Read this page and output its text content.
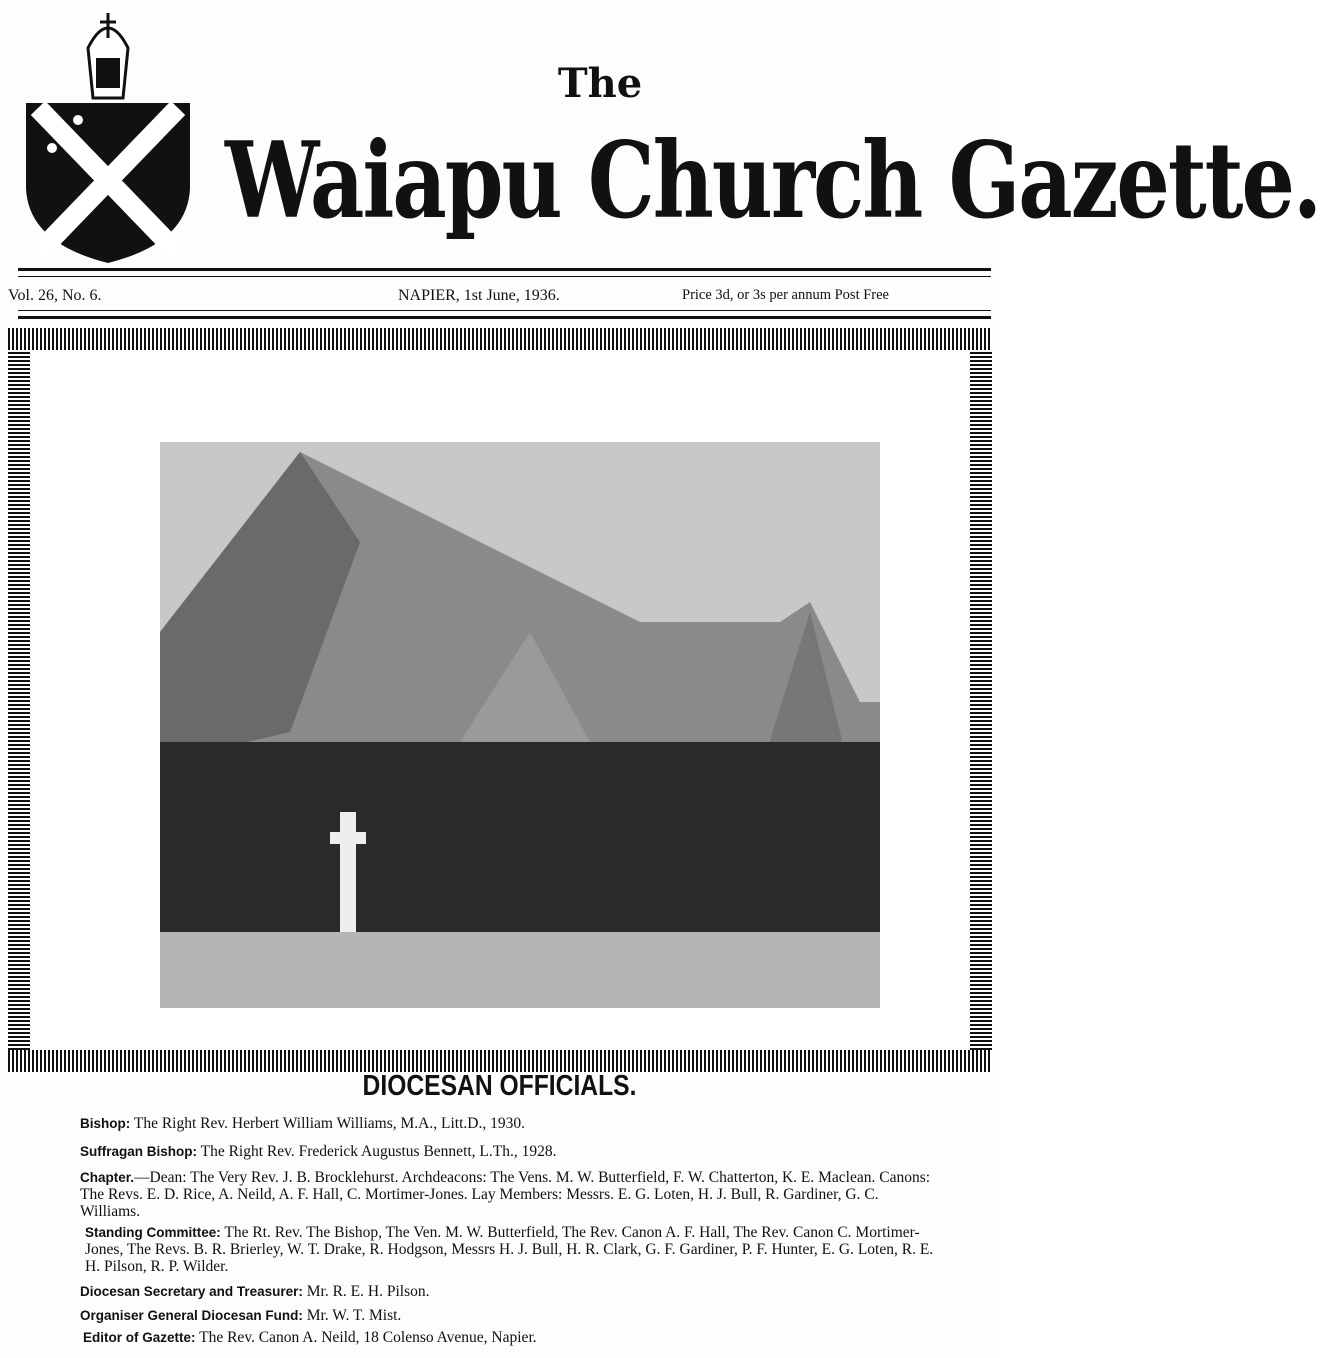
The
Waiapu Church Gazette.
Vol. 26, No. 6.	NAPIER, 1st June, 1936.	Price 3d, or 3s per annum Post Free
DIOCESAN OFFICIALS.
Bishop: The Right Rev. Herbert William Williams, M.A., Litt.D., 1930.
Suffragan Bishop: The Right Rev. Frederick Augustus Bennett, L.Th., 1928.
Chapter.—Dean: The Very Rev. J. B. Brocklehurst. Archdeacons: The Vens. M. W. Butterfield, F. W. Chatterton, K. E. Maclean. Canons: The Revs. E. D. Rice, A. Neild, A. F. Hall, C. Mortimer-Jones. Lay Members: Messrs. E. G. Loten, H. J. Bull, R. Gardiner, G. C. Williams.
Standing Committee: The Rt. Rev. The Bishop, The Ven. M. W. Butterfield, The Rev. Canon A. F. Hall, The Rev. Canon C. Mortimer-Jones, The Revs. B. R. Brierley, W. T. Drake, R. Hodgson, Messrs H. J. Bull, H. R. Clark, G. F. Gardiner, P. F. Hunter, E. G. Loten, R. E. H. Pilson, R. P. Wilder.
Diocesan Secretary and Treasurer: Mr. R. E. H. Pilson.
Organiser General Diocesan Fund: Mr. W. T. Mist.
Editor of Gazette: The Rev. Canon A. Neild, 18 Colenso Avenue, Napier.
